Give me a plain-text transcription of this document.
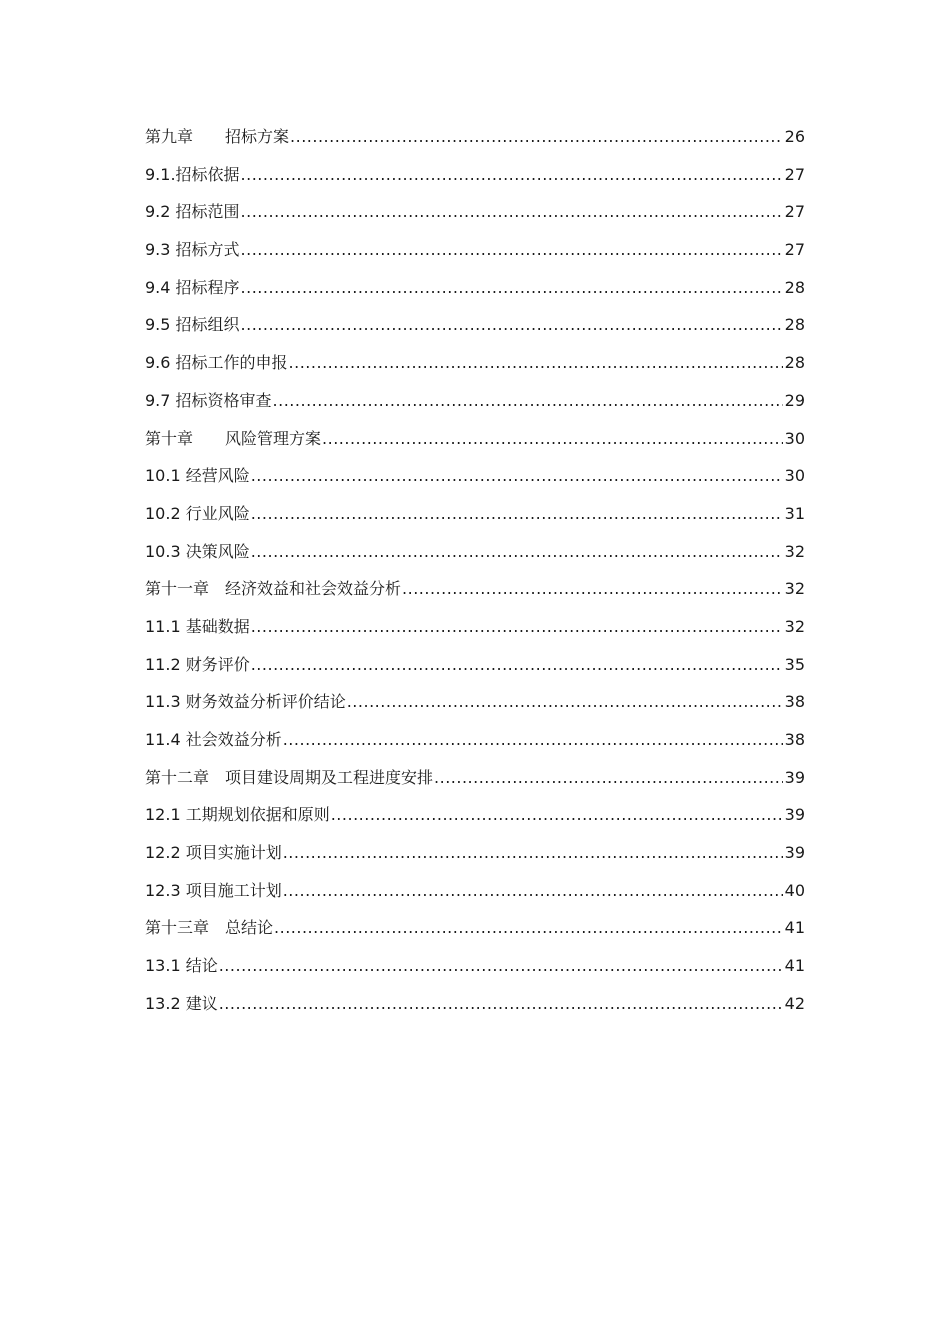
第九章　　招标方案 .....	26
9.1.招标依据 .....	27
9.2 招标范围 .....	27
9.3 招标方式 .....	27
9.4 招标程序 .....	28
9.5 招标组织 .....	28
9.6 招标工作的申报 .....	28
9.7 招标资格审查 .....	29
第十章　　风险管理方案 .....	30
10.1 经营风险 .....	30
10.2 行业风险 .....	31
10.3 决策风险 .....	32
第十一章　经济效益和社会效益分析 .....	32
11.1 基础数据 .....	32
11.2 财务评价 .....	35
11.3 财务效益分析评价结论 .....	38
11.4 社会效益分析 .....	38
第十二章　项目建设周期及工程进度安排 .....	39
12.1 工期规划依据和原则 .....	39
12.2 项目实施计划 .....	39
12.3 项目施工计划 .....	40
第十三章　总结论 .....	41
13.1 结论 .....	41
13.2 建议 .....	42
